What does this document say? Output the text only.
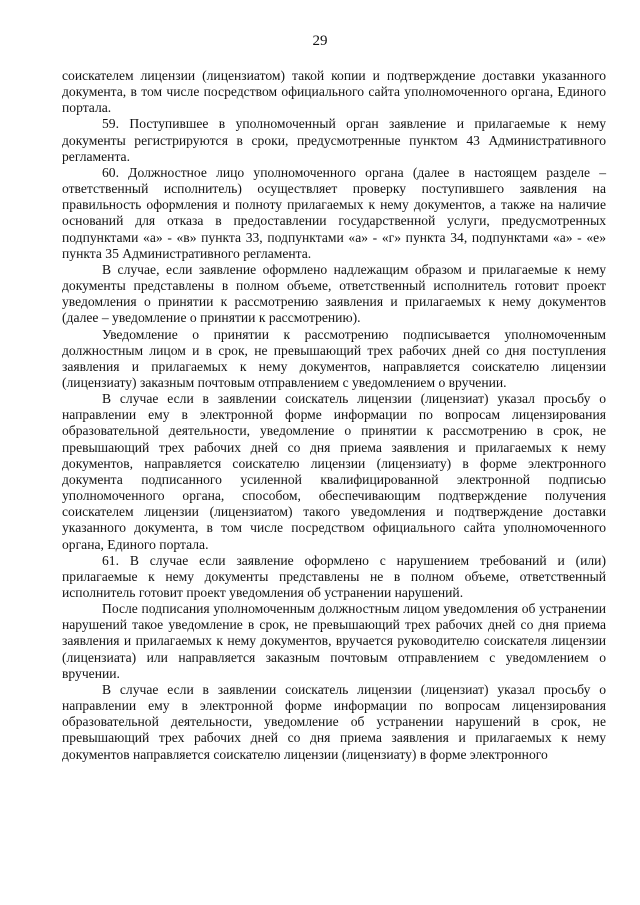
29

соискателем лицензии (лицензиатом) такой копии и подтверждение доставки указанного документа, в том числе посредством официального сайта уполномоченного органа, Единого портала.

59. Поступившее в уполномоченный орган заявление и прилагаемые к нему документы регистрируются в сроки, предусмотренные пунктом 43 Административного регламента.

60. Должностное лицо уполномоченного органа (далее в настоящем разделе – ответственный исполнитель) осуществляет проверку поступившего заявления на правильность оформления и полноту прилагаемых к нему документов, а также на наличие оснований для отказа в предоставлении государственной услуги, предусмотренных подпунктами «а» - «в» пункта 33, подпунктами «а» - «г» пункта 34, подпунктами «а» - «е» пункта 35 Административного регламента.

В случае, если заявление оформлено надлежащим образом и прилагаемые к нему документы представлены в полном объеме, ответственный исполнитель готовит проект уведомления о принятии к рассмотрению заявления и прилагаемых к нему документов (далее – уведомление о принятии к рассмотрению).

Уведомление о принятии к рассмотрению подписывается уполномоченным должностным лицом и в срок, не превышающий трех рабочих дней со дня поступления заявления и прилагаемых к нему документов, направляется соискателю лицензии (лицензиату) заказным почтовым отправлением с уведомлением о вручении.

В случае если в заявлении соискатель лицензии (лицензиат) указал просьбу о направлении ему в электронной форме информации по вопросам лицензирования образовательной деятельности, уведомление о принятии к рассмотрению в срок, не превышающий трех рабочих дней со дня приема заявления и прилагаемых к нему документов, направляется соискателю лицензии (лицензиату) в форме электронного документа подписанного усиленной квалифицированной электронной подписью уполномоченного органа, способом, обеспечивающим подтверждение получения соискателем лицензии (лицензиатом) такого уведомления и подтверждение доставки указанного документа, в том числе посредством официального сайта уполномоченного органа, Единого портала.

61. В случае если заявление оформлено с нарушением требований и (или) прилагаемые к нему документы представлены не в полном объеме, ответственный исполнитель готовит проект уведомления об устранении нарушений.

После подписания уполномоченным должностным лицом уведомления об устранении нарушений такое уведомление в срок, не превышающий трех рабочих дней со дня приема заявления и прилагаемых к нему документов, вручается руководителю соискателя лицензии (лицензиата) или направляется заказным почтовым отправлением с уведомлением о вручении.

В случае если в заявлении соискатель лицензии (лицензиат) указал просьбу о направлении ему в электронной форме информации по вопросам лицензирования образовательной деятельности, уведомление об устранении нарушений в срок, не превышающий трех рабочих дней со дня приема заявления и прилагаемых к нему документов направляется соискателю лицензии (лицензиату) в форме электронного
